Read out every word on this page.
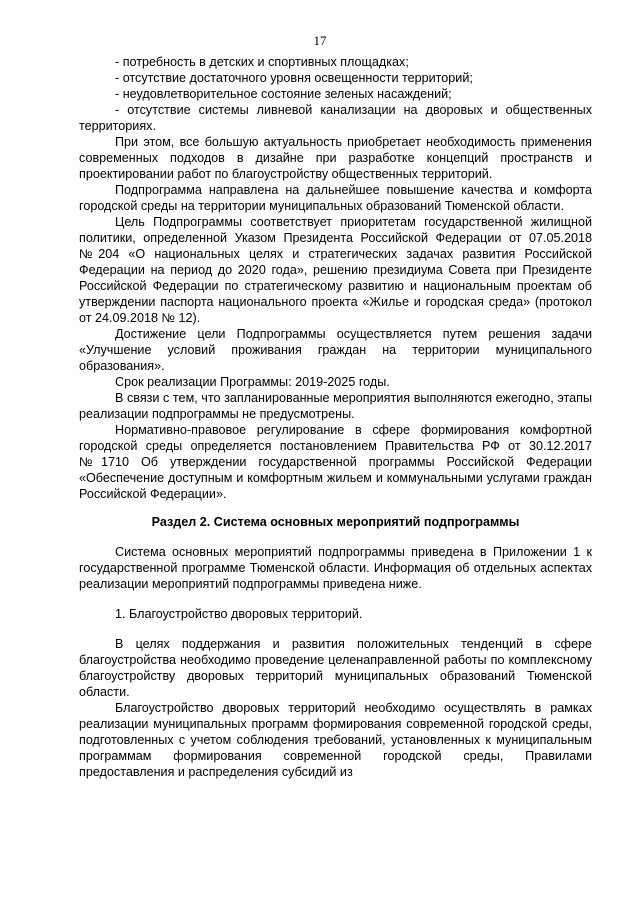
17

- потребность в детских и спортивных площадках;

- отсутствие достаточного уровня освещенности территорий;

- неудовлетворительное состояние зеленых насаждений;

- отсутствие системы ливневой канализации на дворовых и общественных территориях.

При этом, все большую актуальность приобретает необходимость применения современных подходов в дизайне при разработке концепций пространств и проектировании работ по благоустройству общественных территорий.

Подпрограмма направлена на дальнейшее повышение качества и комфорта городской среды на территории муниципальных образований Тюменской области.

Цель Подпрограммы соответствует приоритетам государственной жилищной политики, определенной Указом Президента Российской Федерации от 07.05.2018 №204 «О национальных целях и стратегических задачах развития Российской Федерации на период до 2020 года», решению президиума Совета при Президенте Российской Федерации по стратегическому развитию и национальным проектам об утверждении паспорта национального проекта «Жилье и городская среда» (протокол от 24.09.2018 № 12).

Достижение цели Подпрограммы осуществляется путем решения задачи «Улучшение условий проживания граждан на территории муниципального образования».

Срок реализации Программы: 2019-2025 годы.

В связи с тем, что запланированные мероприятия выполняются ежегодно, этапы реализации подпрограммы не предусмотрены.

Нормативно-правовое регулирование в сфере формирования комфортной городской среды определяется постановлением Правительства РФ от 30.12.2017 №1710 Об утверждении государственной программы Российской Федерации «Обеспечение доступным и комфортным жильем и коммунальными услугами граждан Российской Федерации».

Раздел 2. Система основных мероприятий подпрограммы

Система основных мероприятий подпрограммы приведена в Приложении 1 к государственной программе Тюменской области. Информация об отдельных аспектах реализации мероприятий подпрограммы приведена ниже.

1. Благоустройство дворовых территорий.

В целях поддержания и развития положительных тенденций в сфере благоустройства необходимо проведение целенаправленной работы по комплексному благоустройству дворовых территорий муниципальных образований Тюменской области.

Благоустройство дворовых территорий необходимо осуществлять в рамках реализации муниципальных программ формирования современной городской среды, подготовленных с учетом соблюдения требований, установленных к муниципальным программам формирования современной городской среды, Правилами предоставления и распределения субсидий из
